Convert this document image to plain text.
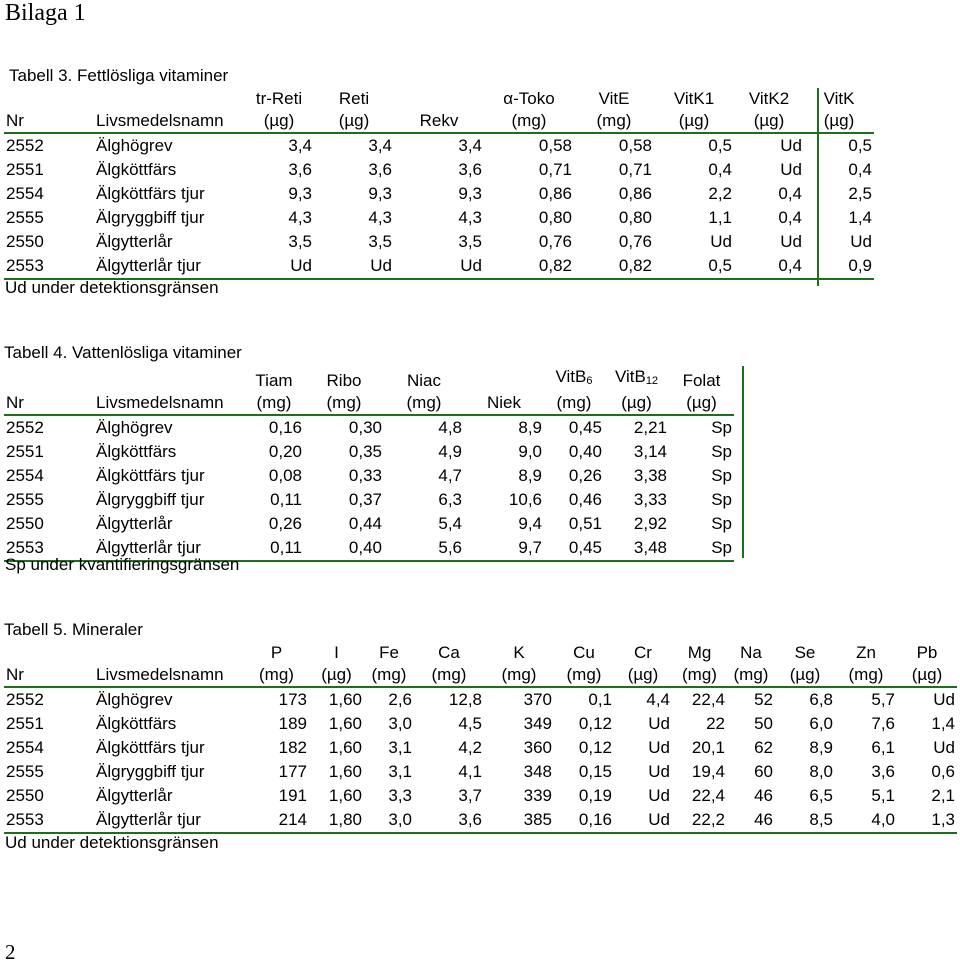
Bilaga 1
Tabell 3. Fettlösliga vitaminer
		tr-Reti	Reti		α-Toko	VitE	VitK1	VitK2	VitK
Nr	Livsmedelsnamn	(µg)	(µg)	Rekv	(mg)	(mg)	(µg)	(µg)	(µg)
2552	Älghögrev	3,4	3,4	3,4	0,58	0,58	0,5	Ud	0,5
2551	Älgköttfärs	3,6	3,6	3,6	0,71	0,71	0,4	Ud	0,4
2554	Älgköttfärs tjur	9,3	9,3	9,3	0,86	0,86	2,2	0,4	2,5
2555	Älgryggbiff tjur	4,3	4,3	4,3	0,80	0,80	1,1	0,4	1,4
2550	Älgytterlår	3,5	3,5	3,5	0,76	0,76	Ud	Ud	Ud
2553	Älgytterlår tjur	Ud	Ud	Ud	0,82	0,82	0,5	0,4	0,9
Ud under detektionsgränsen
Tabell 4. Vattenlösliga vitaminer
		Tiam	Ribo	Niac		VitB$_6$	VitB$_{12}$	Folat
Nr	Livsmedelsnamn	(mg)	(mg)	(mg)	Niek	(mg)	(µg)	(µg)
2552	Älghögrev	0,16	0,30	4,8	8,9	0,45	2,21	Sp
2551	Älgköttfärs	0,20	0,35	4,9	9,0	0,40	3,14	Sp
2554	Älgköttfärs tjur	0,08	0,33	4,7	8,9	0,26	3,38	Sp
2555	Älgryggbiff tjur	0,11	0,37	6,3	10,6	0,46	3,33	Sp
2550	Älgytterlår	0,26	0,44	5,4	9,4	0,51	2,92	Sp
2553	Älgytterlår tjur	0,11	0,40	5,6	9,7	0,45	3,48	Sp
Sp under kvantifieringsgränsen
Tabell 5. Mineraler
		P	I	Fe	Ca	K	Cu	Cr	Mg	Na	Se	Zn	Pb
Nr	Livsmedelsnamn	(mg)	(µg)	(mg)	(mg)	(mg)	(mg)	(µg)	(mg)	(mg)	(µg)	(mg)	(µg)
2552	Älghögrev	173	1,60	2,6	12,8	370	0,1	4,4	22,4	52	6,8	5,7	Ud
2551	Älgköttfärs	189	1,60	3,0	4,5	349	0,12	Ud	22	50	6,0	7,6	1,4
2554	Älgköttfärs tjur	182	1,60	3,1	4,2	360	0,12	Ud	20,1	62	8,9	6,1	Ud
2555	Älgryggbiff tjur	177	1,60	3,1	4,1	348	0,15	Ud	19,4	60	8,0	3,6	0,6
2550	Älgytterlår	191	1,60	3,3	3,7	339	0,19	Ud	22,4	46	6,5	5,1	2,1
2553	Älgytterlår tjur	214	1,80	3,0	3,6	385	0,16	Ud	22,2	46	8,5	4,0	1,3
Ud under detektionsgränsen
2
